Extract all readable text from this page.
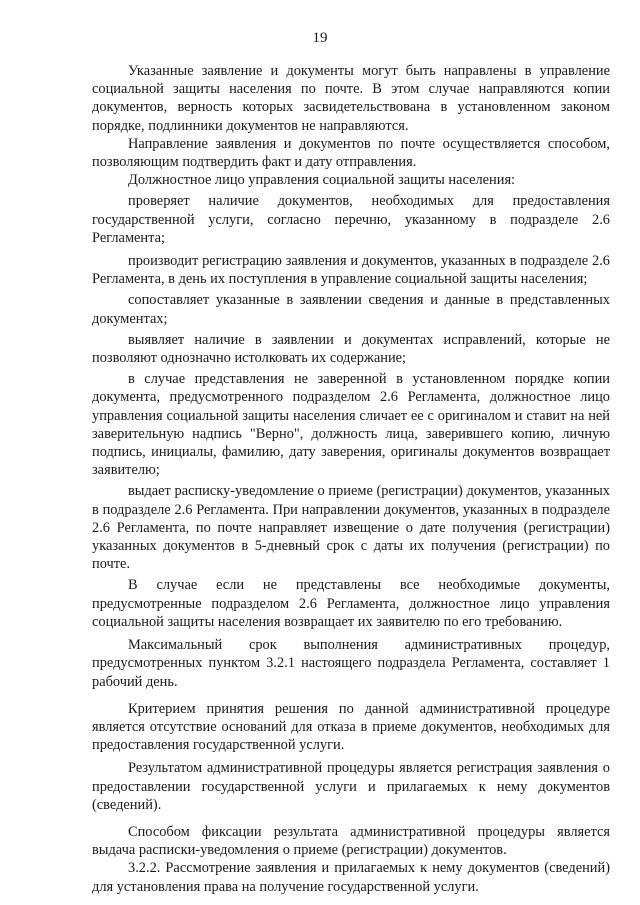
19

Указанные заявление и документы могут быть направлены в управление социальной защиты населения по почте. В этом случае направляются копии документов, верность которых засвидетельствована в установленном законом порядке, подлинники документов не направляются.

Направление заявления и документов по почте осуществляется способом, позволяющим подтвердить факт и дату отправления.

Должностное лицо управления социальной защиты населения:

проверяет наличие документов, необходимых для предоставления государственной услуги, согласно перечню, указанному в подразделе 2.6 Регламента;

производит регистрацию заявления и документов, указанных в подразделе 2.6 Регламента, в день их поступления в управление социальной защиты населения;

сопоставляет указанные в заявлении сведения и данные в представленных документах;

выявляет наличие в заявлении и документах исправлений, которые не позволяют однозначно истолковать их содержание;

в случае представления не заверенной в установленном порядке копии документа, предусмотренного подразделом 2.6 Регламента, должностное лицо управления социальной защиты населения сличает ее с оригиналом и ставит на ней заверительную надпись "Верно", должность лица, заверившего копию, личную подпись, инициалы, фамилию, дату заверения, оригиналы документов возвращает заявителю;

выдает расписку-уведомление о приеме (регистрации) документов, указанных в подразделе 2.6 Регламента. При направлении документов, указанных в подразделе 2.6 Регламента, по почте направляет извещение о дате получения (регистрации) указанных документов в 5-дневный срок с даты их получения (регистрации) по почте.

В случае если не представлены все необходимые документы, предусмотренные подразделом 2.6 Регламента, должностное лицо управления социальной защиты населения возвращает их заявителю по его требованию.

Максимальный срок выполнения административных процедур, предусмотренных пунктом 3.2.1 настоящего подраздела Регламента, составляет 1 рабочий день.

Критерием принятия решения по данной административной процедуре является отсутствие оснований для отказа в приеме документов, необходимых для предоставления государственной услуги.

Результатом административной процедуры является регистрация заявления о предоставлении государственной услуги и прилагаемых к нему документов (сведений).

Способом фиксации результата административной процедуры является выдача расписки-уведомления о приеме (регистрации) документов.

3.2.2. Рассмотрение заявления и прилагаемых к нему документов (сведений) для установления права на получение государственной услуги.
